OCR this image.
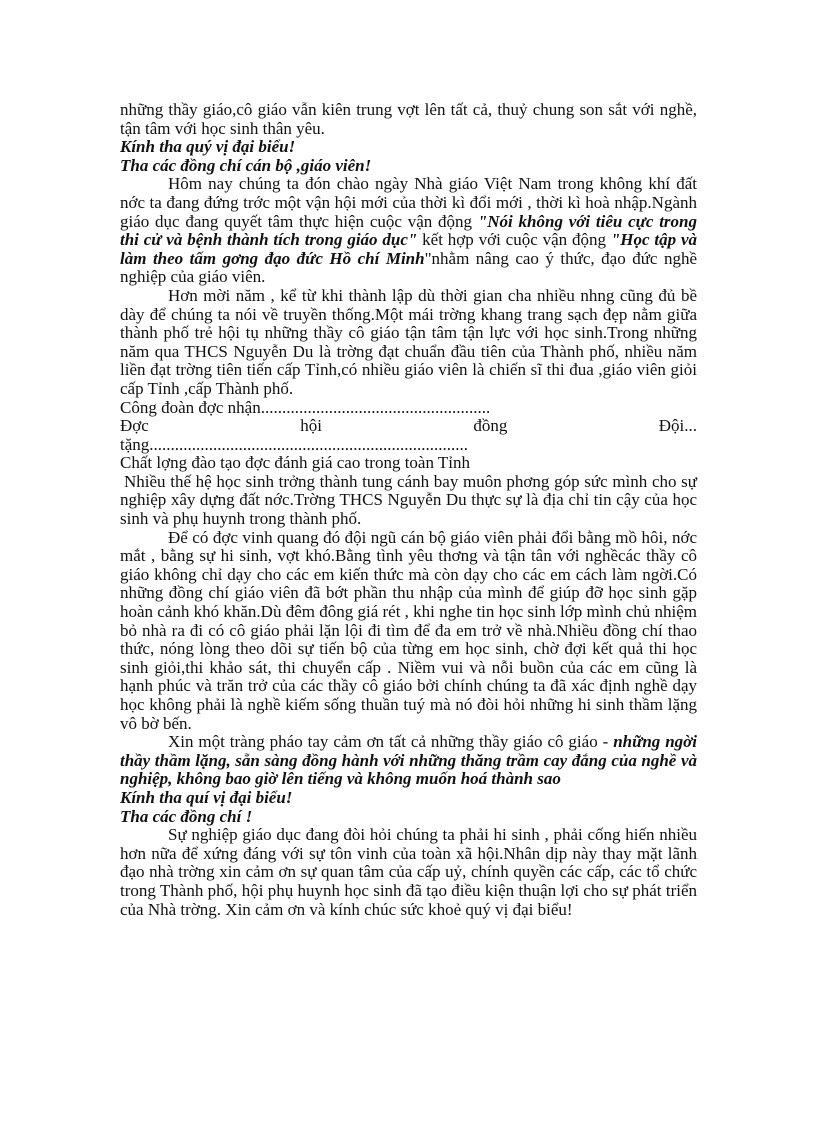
những thầy giáo,cô giáo vẫn kiên trung vợt lên tất cả, thuỷ chung son sắt với nghề, tận tâm với học sinh thân yêu.

Kính tha quý vị đại biểu!

Tha các đồng chí cán bộ ,giáo viên!

Hôm nay chúng ta đón chào ngày Nhà giáo Việt Nam trong không khí đất nớc ta đang đứng trớc một vận hội mới của thời kì đổi mới , thời kì hoà nhập.Ngành giáo dục đang quyết tâm thực hiện cuộc vận động "Nói không với tiêu cực trong thi cử và bệnh thành tích trong giáo dục" kết hợp với cuộc vận động "Học tập và làm theo tấm gơng đạo đức Hồ chí Minh"nhằm nâng cao ý thức, đạo đức nghề nghiệp của giáo viên.

Hơn mời năm , kể từ khi thành lập dù thời gian cha nhiều nhng cũng đủ bề dày để chúng ta nói về truyền thống.Một mái trờng khang trang sạch đẹp nằm giữa thành phố trẻ hội tụ những thầy cô giáo tận tâm tận lực với học sinh.Trong những năm qua THCS Nguyễn Du là trờng đạt chuẩn đầu tiên của Thành phố, nhiều năm liền đạt trờng tiên tiến cấp Tỉnh,có nhiều giáo viên là chiến sĩ thi đua ,giáo viên giỏi cấp Tỉnh ,cấp Thành phố.

Công đoàn đợc nhận......................................................

Đợc	hội	đồng	Đội...

tặng...........................................................................

Chất lợng đào tạo đợc đánh giá cao trong toàn Tỉnh

Nhiều thế hệ học sinh trởng thành tung cánh bay muôn phơng góp sức mình cho sự nghiệp xây dựng đất nớc.Trờng THCS Nguyễn Du thực sự là địa chỉ tin cậy của học sinh và phụ huynh trong thành phố.

Để có đợc vinh quang đó đội ngũ cán bộ giáo viên phải đổi bằng mồ hôi, nớc mắt , bằng sự hi sinh, vợt khó.Bằng tình yêu thơng và tận tân với nghềcác thầy cô giáo không chỉ dạy cho các em kiến thức mà còn dạy cho các em cách làm ngời.Có những đồng chí giáo viên đã bớt phần thu nhập của mình để giúp đỡ học sinh gặp hoàn cảnh khó khăn.Dù đêm đông giá rét , khi nghe tin học sinh lớp mình chủ nhiệm bỏ nhà ra đi có cô giáo phải lặn lội đi tìm để đa em trở về nhà.Nhiều đồng chí thao thức, nóng lòng theo dõi sự tiến bộ của từng em học sinh, chờ đợi kết quả thi học sinh giỏi,thi khảo sát, thi chuyển cấp . Niềm vui và nỗi buồn của các em cũng là hạnh phúc và trăn trở của các thầy cô giáo bởi chính chúng ta đã xác định nghề dạy học không phải là nghề kiếm sống thuần tuý mà nó đòi hỏi những hi sinh thầm lặng vô bờ bến.

Xin một tràng pháo tay cảm ơn tất cả những thầy giáo cô giáo - những ngời thầy thầm lặng, sẵn sàng đồng hành với những thăng trầm cay đắng của nghề và nghiệp, không bao giờ lên tiếng và không muốn hoá thành sao

Kính tha quí vị đại biểu!

Tha các đồng chí !

Sự nghiệp giáo dục đang đòi hỏi chúng ta phải hi sinh , phải cống hiến nhiều hơn nữa để xứng đáng với sự tôn vinh của toàn xã hội.Nhân dịp này thay mặt lãnh đạo nhà trờng xin cảm ơn sự quan tâm của cấp uỷ, chính quyền các cấp, các tổ chức trong Thành phố, hội phụ huynh học sinh đã tạo điều kiện thuận lợi cho sự phát triển của Nhà trờng. Xin cảm ơn và kính chúc sức khoẻ quý vị đại biểu!
